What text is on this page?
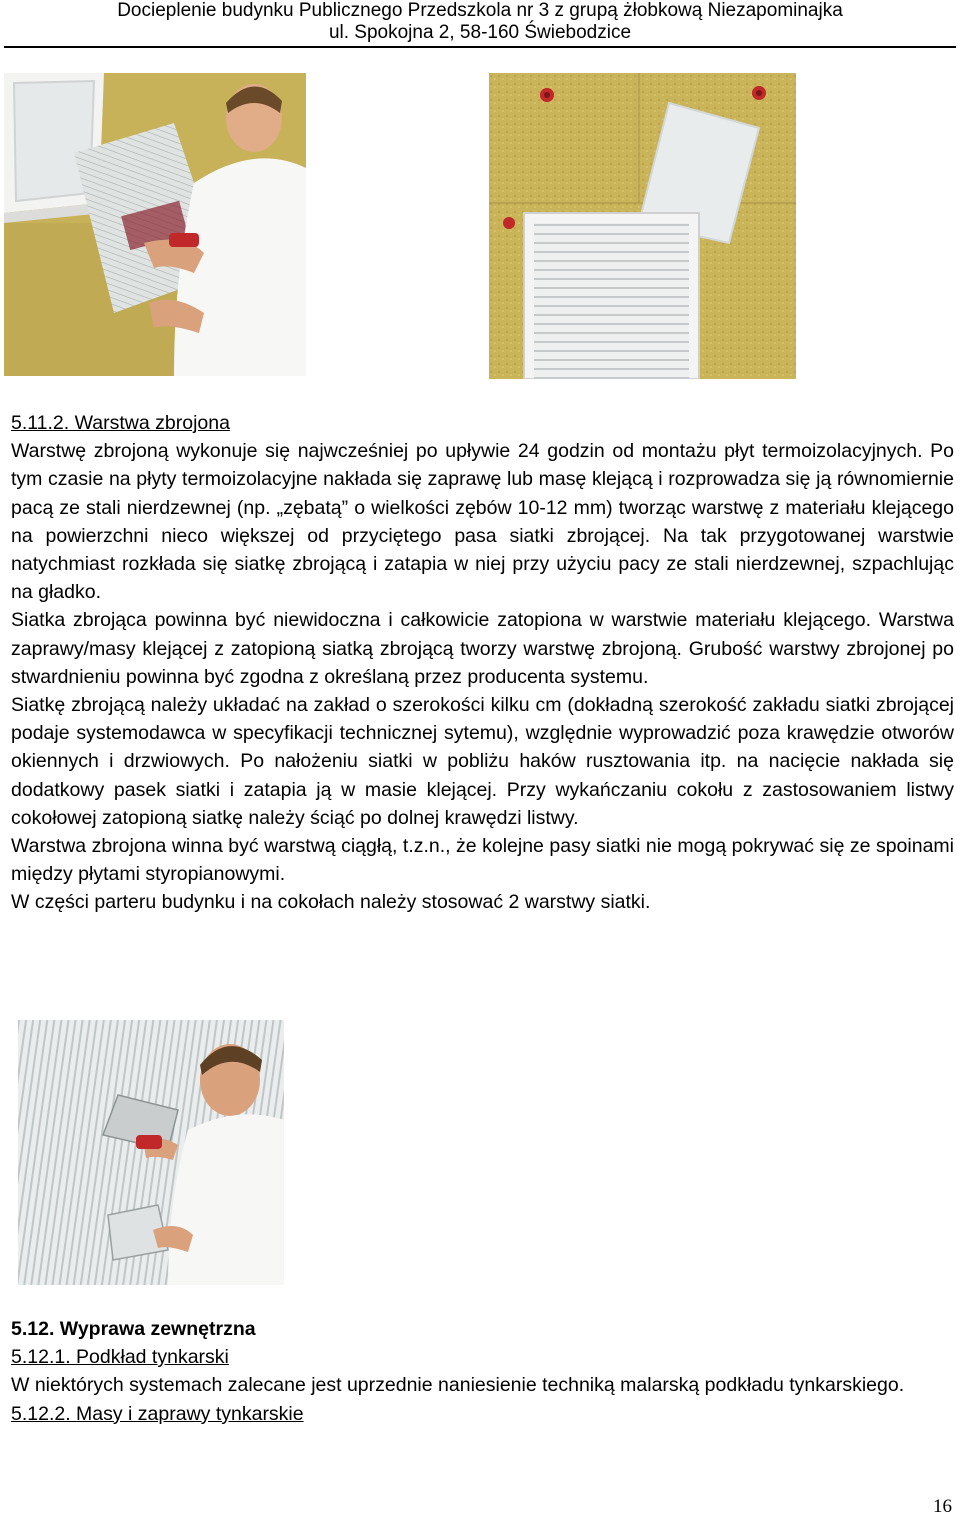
Docieplenie budynku Publicznego Przedszkola nr 3 z grupą żłobkową Niezapominajka
ul. Spokojna 2, 58-160 Świebodzice

5.11.2. Warstwa zbrojona

Warstwę zbrojoną wykonuje się najwcześniej po upływie 24 godzin od montażu płyt termoizolacyjnych. Po tym czasie na płyty termoizolacyjne nakłada się zaprawę lub masę klejącą i rozprowadza się ją równomiernie pacą ze stali nierdzewnej (np. „zębatą” o wielkości zębów 10-12 mm) tworząc warstwę z materiału klejącego na powierzchni nieco większej od przyciętego pasa siatki zbrojącej. Na tak przygotowanej warstwie natychmiast rozkłada się siatkę zbrojącą i zatapia w niej przy użyciu pacy ze stali nierdzewnej, szpachlując na gładko.

Siatka zbrojąca powinna być niewidoczna i całkowicie zatopiona w warstwie materiału klejącego. Warstwa zaprawy/masy klejącej z zatopioną siatką zbrojącą tworzy warstwę zbrojoną. Grubość warstwy zbrojonej po stwardnieniu powinna być zgodna z określaną przez producenta systemu.

Siatkę zbrojącą należy układać na zakład o szerokości kilku cm (dokładną szerokość zakładu siatki zbrojącej podaje systemodawca w specyfikacji technicznej sytemu), względnie wyprowadzić poza krawędzie otworów okiennych i drzwiowych. Po nałożeniu siatki w pobliżu haków rusztowania itp. na nacięcie nakłada się dodatkowy pasek siatki i zatapia ją w masie klejącej. Przy wykańczaniu cokołu z zastosowaniem listwy cokołowej zatopioną siatkę należy ściąć po dolnej krawędzi listwy.

Warstwa zbrojona winna być warstwą ciągłą, t.z.n., że kolejne pasy siatki nie mogą pokrywać się ze spoinami między płytami styropianowymi.

W części parteru budynku i na cokołach należy stosować 2 warstwy siatki.

5.12. Wyprawa zewnętrzna

5.12.1. Podkład tynkarski

W niektórych systemach zalecane jest uprzednie naniesienie techniką malarską podkładu tynkarskiego.

5.12.2. Masy i zaprawy tynkarskie

16
